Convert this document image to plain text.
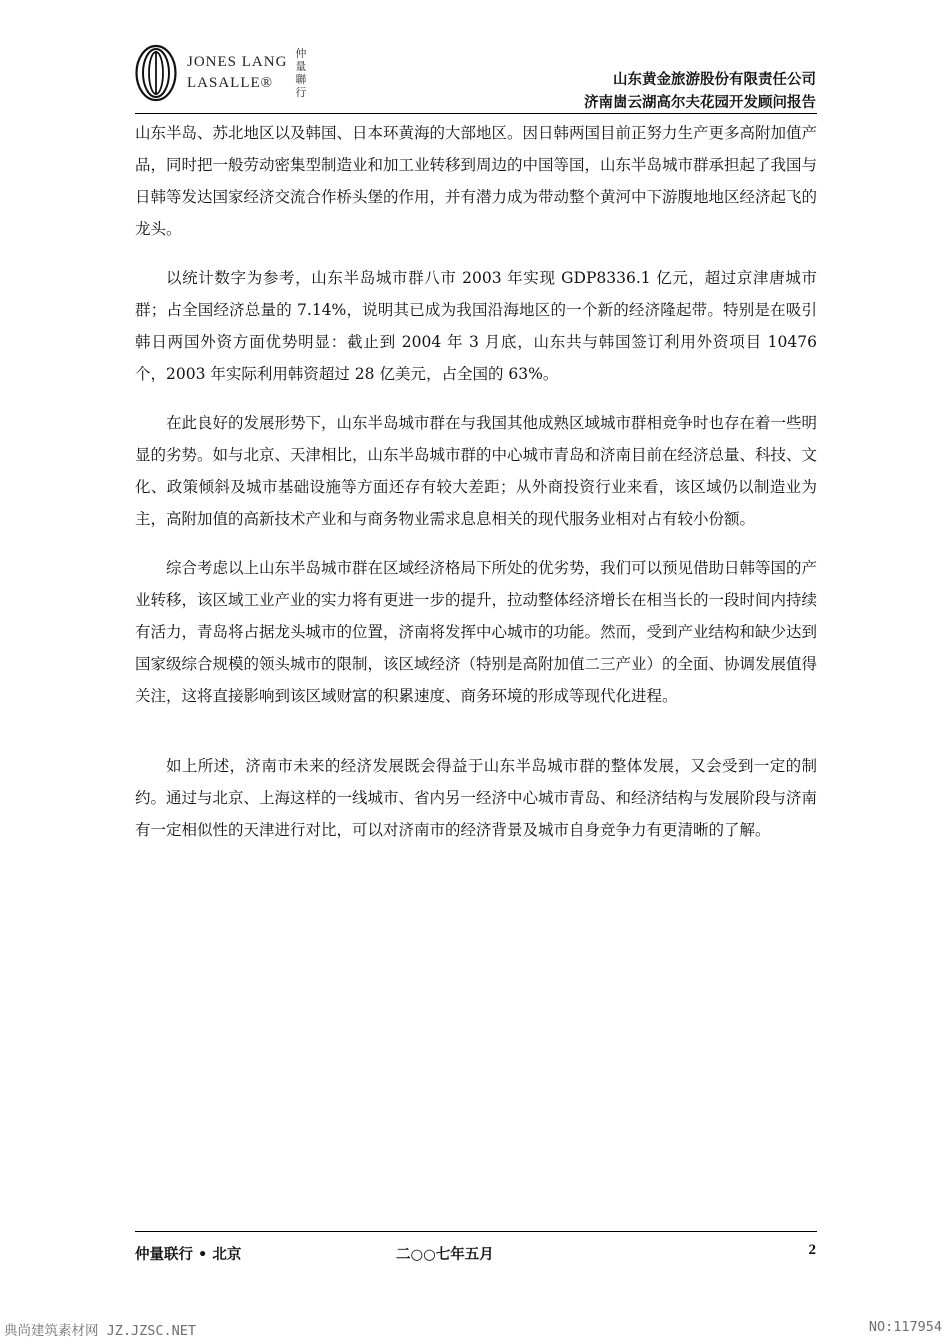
JONES LANG
LASALLE®
仲量聯行
山东黄金旅游股份有限责任公司
济南崮云湖高尔夫花园开发顾问报告

山东半岛、苏北地区以及韩国、日本环黄海的大部地区。因日韩两国目前正努力生产更多高附加值产品，同时把一般劳动密集型制造业和加工业转移到周边的中国等国，山东半岛城市群承担起了我国与日韩等发达国家经济交流合作桥头堡的作用，并有潜力成为带动整个黄河中下游腹地地区经济起飞的龙头。

以统计数字为参考，山东半岛城市群八市 2003 年实现 GDP8336.1 亿元，超过京津唐城市群；占全国经济总量的 7.14%，说明其已成为我国沿海地区的一个新的经济隆起带。特别是在吸引韩日两国外资方面优势明显：截止到 2004 年 3 月底，山东共与韩国签订利用外资项目 10476 个，2003 年实际利用韩资超过 28 亿美元，占全国的 63%。

在此良好的发展形势下，山东半岛城市群在与我国其他成熟区域城市群相竞争时也存在着一些明显的劣势。如与北京、天津相比，山东半岛城市群的中心城市青岛和济南目前在经济总量、科技、文化、政策倾斜及城市基础设施等方面还存有较大差距；从外商投资行业来看，该区域仍以制造业为主，高附加值的高新技术产业和与商务物业需求息息相关的现代服务业相对占有较小份额。

综合考虑以上山东半岛城市群在区域经济格局下所处的优劣势，我们可以预见借助日韩等国的产业转移，该区域工业产业的实力将有更进一步的提升，拉动整体经济增长在相当长的一段时间内持续有活力，青岛将占据龙头城市的位置，济南将发挥中心城市的功能。然而，受到产业结构和缺少达到国家级综合规模的领头城市的限制，该区域经济（特别是高附加值二三产业）的全面、协调发展值得关注，这将直接影响到该区域财富的积累速度、商务环境的形成等现代化进程。

如上所述，济南市未来的经济发展既会得益于山东半岛城市群的整体发展，又会受到一定的制约。通过与北京、上海这样的一线城市、省内另一经济中心城市青岛、和经济结构与发展阶段与济南有一定相似性的天津进行对比，可以对济南市的经济背景及城市自身竞争力有更清晰的了解。

仲量联行 • 北京	二○○七年五月	2
典尚建筑素材网 JZ.JZSC.NET	NO:117954
